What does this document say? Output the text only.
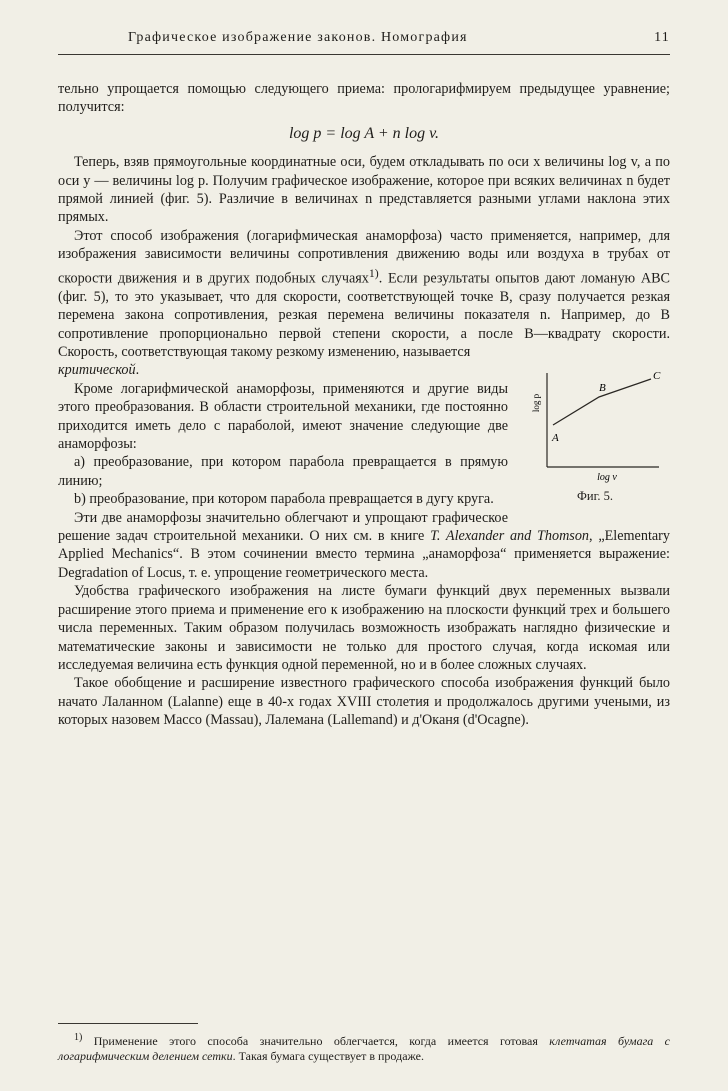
Графическое изображение законов. Номография	11

тельно упрощается помощью следующего приема: прологарифмируем предыдущее уравнение; получится:

log p = log A + n log v.

Теперь, взяв прямоугольные координатные оси, будем откладывать по оси x величины log v, а по оси y — величины log p. Получим графическое изображение, которое при всяких величинах n будет прямой линией (фиг. 5). Различие в величинах n представляется разными углами наклона этих прямых.

Этот способ изображения (логарифмическая анаморфоза) часто применяется, например, для изображения зависимости величины сопротивления движению воды или воздуха в трубах от скорости движения и в других подобных случаях$^{1)}$. Если результаты опытов дают ломаную ABC (фиг. 5), то это указывает, что для скорости, соответствующей точке B, сразу получается резкая перемена закона сопротивления, резкая перемена величины показателя n. Например, до B сопротивление пропорционально первой степени скорости, а после B—квадрату скорости. Скорость, соответствующая такому резкому изменению, называется

A
B
C
log p
log v
Фиг. 5.
критической.

Кроме логарифмической анаморфозы, применяются и другие виды этого преобразования. В области строительной механики, где постоянно приходится иметь дело с параболой, имеют значение следующие две анаморфозы:

a) преобразование, при котором парабола превращается в прямую линию;

b) преобразование, при котором парабола превращается в дугу круга.

Эти две анаморфозы значительно облегчают и упрощают графическое решение задач строительной механики. О них см. в книге T. Alexander and Thomson, „Elementary Applied Mechanics“. В этом сочинении вместо термина „анаморфоза“ применяется выражение: Degradation of Locus, т. е. упрощение геометрического места.

Удобства графического изображения на листе бумаги функций двух переменных вызвали расширение этого приема и применение его к изображению на плоскости функций трех и большего числа переменных. Таким образом получилась возможность изображать наглядно физические и математические законы и зависимости не только для простого случая, когда искомая или исследуемая величина есть функция одной переменной, но и в более сложных случаях.

Такое обобщение и расширение известного графического способа изображения функций было начато Лаланном (Lalanne) еще в 40-х годах XVIII столетия и продолжалось другими учеными, из которых назовем Массо (Massau), Лалемана (Lallemand) и д'Оканя (d'Ocagne).

$^{1)}$ Применение этого способа значительно облегчается, когда имеется готовая клетчатая бумага с логарифмическим делением сетки. Такая бумага существует в продаже.
